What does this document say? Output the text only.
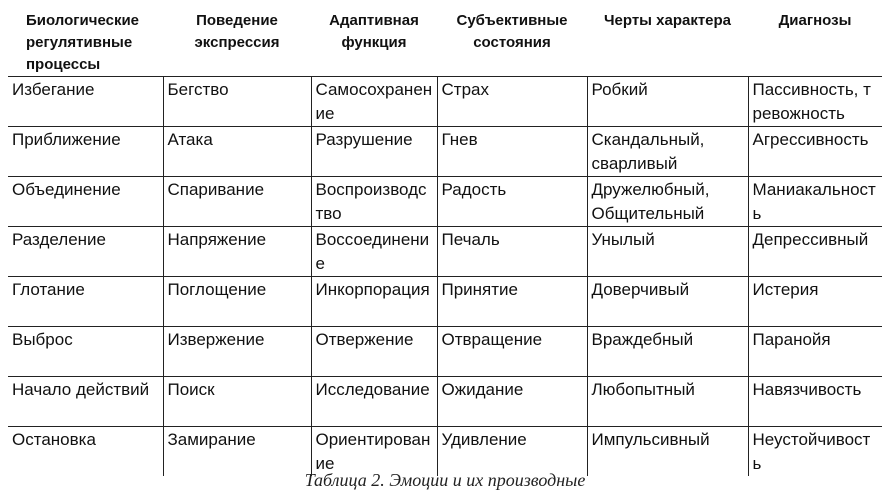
Биологические регулятивные процессы	Поведение экспрессия	Адаптивная функция	Субъективные состояния	Черты характера	Диагнозы
Избегание	Бегство	Самосохранение	Страх	Робкий	Пассивность, тревожность
Приближение	Атака	Разрушение	Гнев	Скандальный, сварливый	Агрессивность
Объединение	Спаривание	Воспроизводство	Радость	Дружелюбный, Общительный	Маниакальность
Разделение	Напряжение	Воссоединение	Печаль	Унылый	Депрессивный
Глотание	Поглощение	Инкорпорация	Принятие	Доверчивый	Истерия
Выброс	Извержение	Отвержение	Отвращение	Враждебный	Паранойя
Начало действий	Поиск	Исследование	Ожидание	Любопытный	Навязчивость
Остановка	Замирание	Ориентирование	Удивление	Импульсивный	Неустойчивость
Таблица 2. Эмоции и их производные
